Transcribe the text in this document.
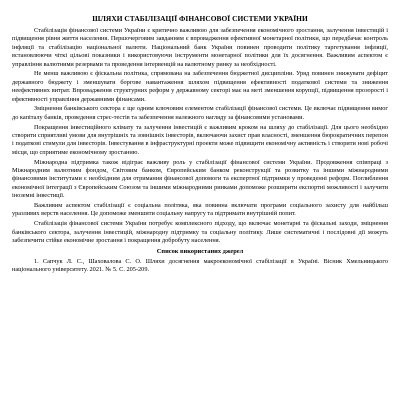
ШЛЯХИ СТАБІЛІЗАЦІЇ ФІНАНСОВОЇ СИСТЕМИ УКРАЇНИ

Стабілізація фінансової системи України є критично важливою для забезпечення економічного зростання, залучення інвестицій і підвищення рівня життя населення. Першочерговим завданням є впровадження ефективної монетарної політики, що передбачає контроль інфляції та стабілізацію національної валюти. Національний банк України повинен проводити політику таргетування інфляції, встановлюючи чіткі цільові показники і використовуючи інструменти монетарної політики для їх досягнення. Важливим аспектом є управління валютними резервами та проведення інтервенцій на валютному ринку за необхідності.

Не менш важливою є фіскальна політика, спрямована на забезпечення бюджетної дисципліни. Уряд повинен знижувати дефіцит державного бюджету і зменшувати боргове навантаження шляхом підвищення ефективності податкової системи та зниження неефективних витрат. Впровадження структурних реформ у державному секторі має на меті зменшення корупції, підвищення прозорості і ефективності управління державними фінансами.

Зміцнення банківського сектора є ще одним ключовим елементом стабілізації фінансової системи. Це включає підвищення вимог до капіталу банків, проведення стрес-тестів та забезпечення належного нагляду за фінансовими установами.

Покращення інвестиційного клімату та залучення інвестицій є важливим кроком на шляху до стабілізації. Для цього необхідно створити сприятливі умови для внутрішніх та зовнішніх інвесторів, включаючи захист прав власності, зменшення бюрократичних перепон і податкові стимули для інвесторів. Інвестування в інфраструктурні проекти може підвищити економічну активність і створити нові робочі місця, що сприятиме економічному зростанню.

Міжнародна підтримка також відіграє важливу роль у стабілізації фінансової системи України. Продовження співпраці з Міжнародним валютним фондом, Світовим банком, Європейським банком реконструкції та розвитку та іншими міжнародними фінансовими інститутами є необхідним для отримання фінансової допомоги та експертної підтримки у проведенні реформ. Поглиблення економічної інтеграції з Європейським Союзом та іншими міжнародними ринками допоможе розширити експортні можливості і залучити іноземні інвестиції.

Важливим аспектом стабілізації є соціальна політика, яка повинна включати програми соціального захисту для найбільш уразливих верств населення. Це допоможе зменшити соціальну напругу та підтримати внутрішній попит.

Стабілізація фінансової системи України потребує комплексного підходу, що включає монетарні та фіскальні заходи, зміцнення банківського сектора, залучення інвестицій, міжнародну підтримку та соціальну політику. Лише систематичні і послідовні дії можуть забезпечити стійке економічне зростання і покращення добробуту населення.

Список використаних джерел

1. Сапчук Л. С., Шаховалова С. О. Шляхи досягнення макроекономічної стабілізації в Україні. Вісник Хмельницького національного університету. 2021. № 5. С. 205-209.
